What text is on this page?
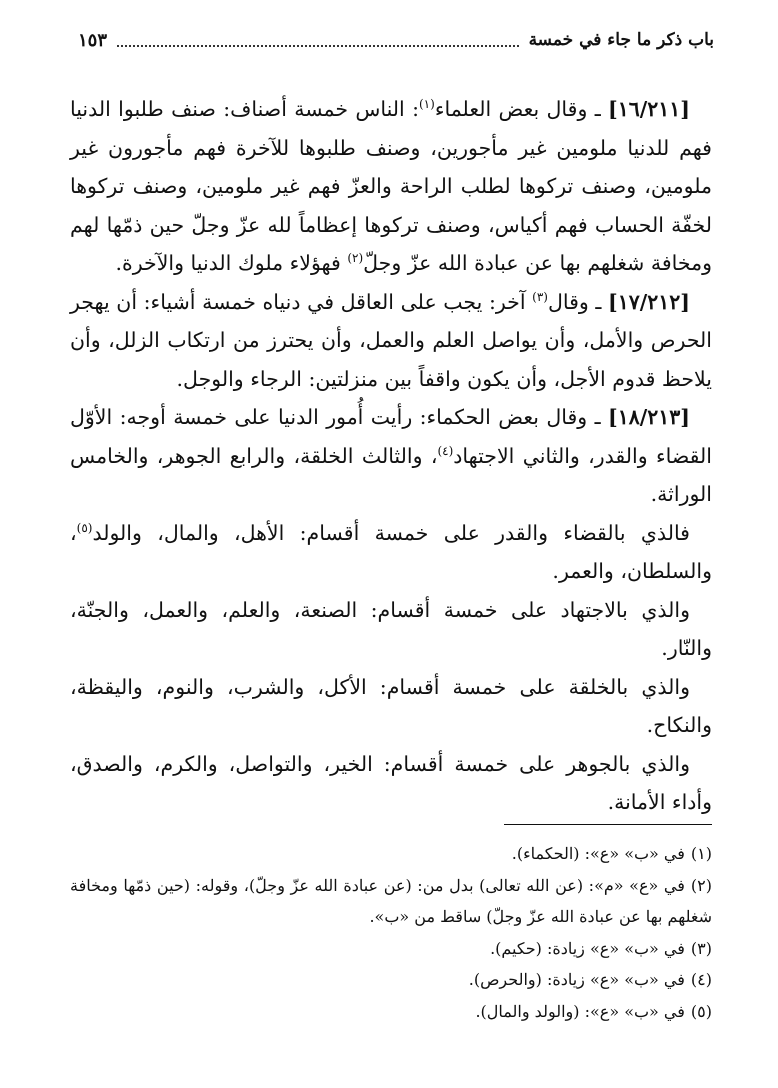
باب ذكر ما جاء في خمسة
١٥٣

[١٦/٢١١] ـ وقال بعض العلماء$^{(١)}$: الناس خمسة أصناف: صنف طلبوا الدنيا فهم للدنيا ملومين غير مأجورين، وصنف طلبوها للآخرة فهم مأجورون غير ملومين، وصنف تركوها لطلب الراحة والعزّ فهم غير ملومين، وصنف تركوها لخفّة الحساب فهم أكياس، وصنف تركوها إعظاماً لله عزّ وجلّ حين ذمّها لهم ومخافة شغلهم بها عن عبادة الله عزّ وجلّ$^{(٢)}$ فهؤلاء ملوك الدنيا والآخرة.

[١٧/٢١٢] ـ وقال$^{(٣)}$ آخر: يجب على العاقل في دنياه خمسة أشياء: أن يهجر الحرص والأمل، وأن يواصل العلم والعمل، وأن يحترز من ارتكاب الزلل، وأن يلاحظ قدوم الأجل، وأن يكون واقفاً بين منزلتين: الرجاء والوجل.

[١٨/٢١٣] ـ وقال بعض الحكماء: رأيت أُمور الدنيا على خمسة أوجه: الأوّل القضاء والقدر، والثاني الاجتهاد$^{(٤)}$، والثالث الخلقة، والرابع الجوهر، والخامس الوراثة.

فالذي بالقضاء والقدر على خمسة أقسام: الأهل، والمال، والولد$^{(٥)}$، والسلطان، والعمر.

والذي بالاجتهاد على خمسة أقسام: الصنعة، والعلم، والعمل، والجنّة، والنّار.

والذي بالخلقة على خمسة أقسام: الأكل، والشرب، والنوم، واليقظة، والنكاح.

والذي بالجوهر على خمسة أقسام: الخير، والتواصل، والكرم، والصدق، وأداء الأمانة.

(١)في «ب» «ع»: (الحكماء).

(٢)في «ع» «م»: (عن الله تعالى) بدل من: (عن عبادة الله عزّ وجلّ)، وقوله: (حين ذمّها ومخافة شغلهم بها عن عبادة الله عزّ وجلّ) ساقط من «ب».

(٣)في «ب» «ع» زيادة: (حكيم).

(٤)في «ب» «ع» زيادة: (والحرص).

(٥)في «ب» «ع»: (والولد والمال).
